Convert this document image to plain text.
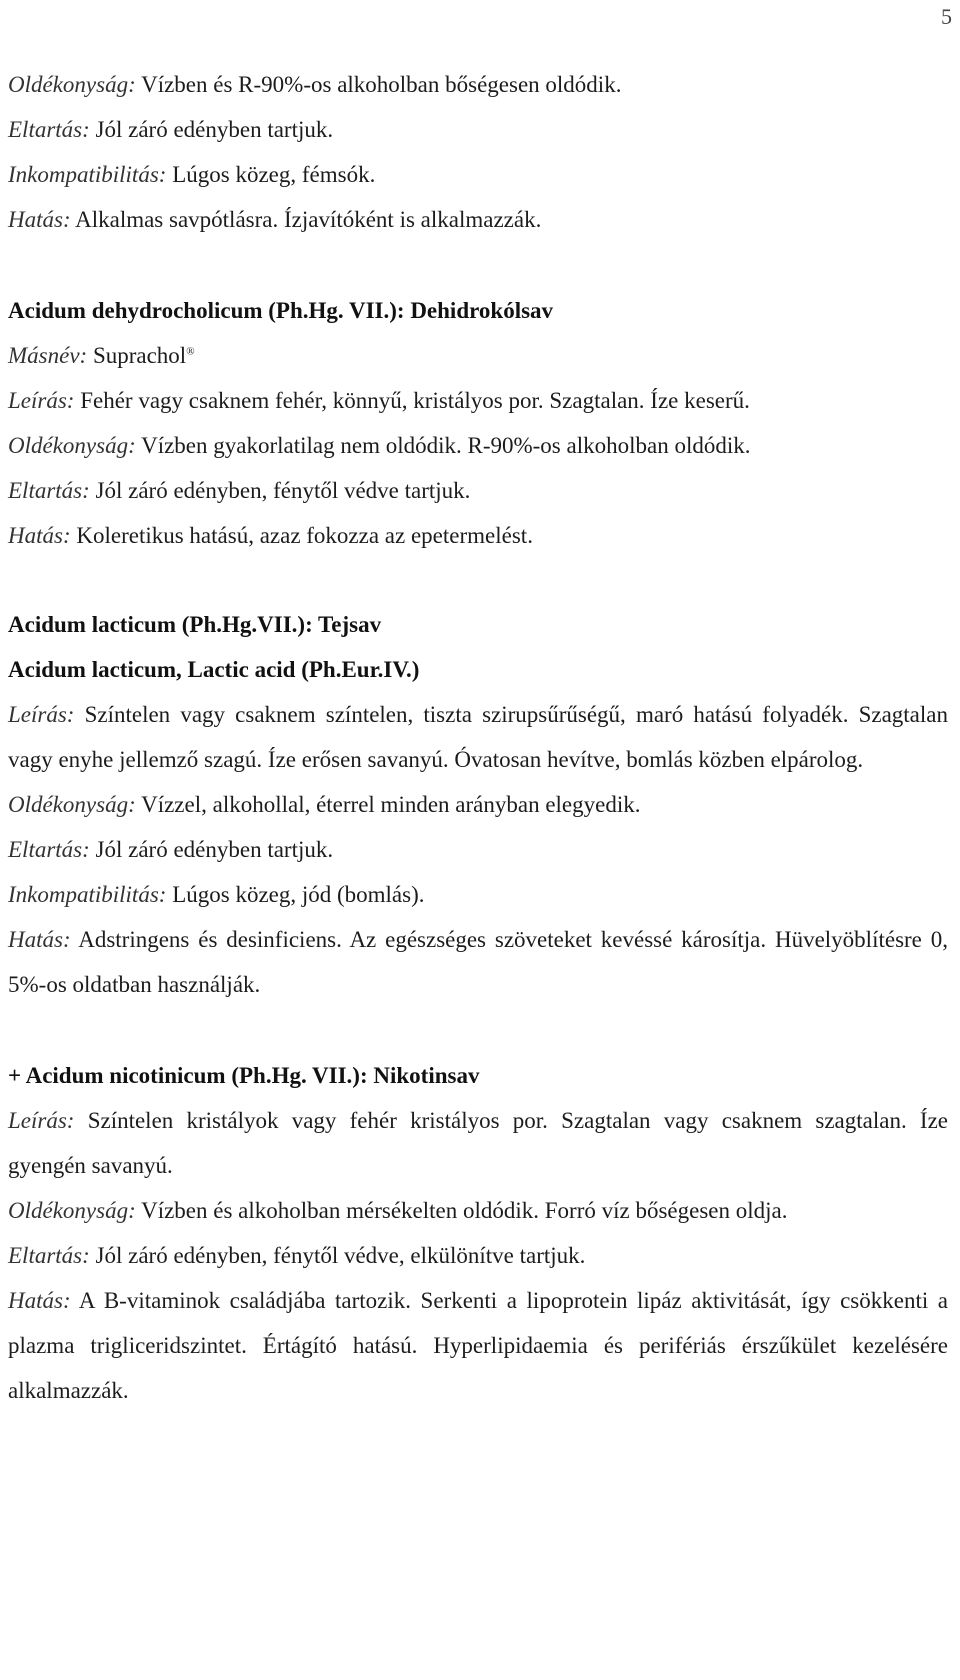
5

Oldékonyság: Vízben és R-90%-os alkoholban bőségesen oldódik.

Eltartás: Jól záró edényben tartjuk.

Inkompatibilitás: Lúgos közeg, fémsók.

Hatás: Alkalmas savpótlásra. Ízjavítóként is alkalmazzák.

Acidum dehydrocholicum (Ph.Hg. VII.): Dehidrokólsav

Másnév: Suprachol®

Leírás: Fehér vagy csaknem fehér, könnyű, kristályos por. Szagtalan. Íze keserű.

Oldékonyság: Vízben gyakorlatilag nem oldódik. R-90%-os alkoholban oldódik.

Eltartás: Jól záró edényben, fénytől védve tartjuk.

Hatás: Koleretikus hatású, azaz fokozza az epetermelést.

Acidum lacticum (Ph.Hg.VII.): Tejsav

Acidum lacticum, Lactic acid (Ph.Eur.IV.)

Leírás: Színtelen vagy csaknem színtelen, tiszta szirupsűrűségű, maró hatású folyadék. Szagtalan vagy enyhe jellemző szagú. Íze erősen savanyú. Óvatosan hevítve, bomlás közben elpárolog.

Oldékonyság: Vízzel, alkohollal, éterrel minden arányban elegyedik.

Eltartás: Jól záró edényben tartjuk.

Inkompatibilitás: Lúgos közeg, jód (bomlás).

Hatás: Adstringens és desinficiens. Az egészséges szöveteket kevéssé károsítja. Hüvelyöblítésre 0, 5%-os oldatban használják.

+ Acidum nicotinicum (Ph.Hg. VII.): Nikotinsav

Leírás: Színtelen kristályok vagy fehér kristályos por. Szagtalan vagy csaknem szagtalan. Íze gyengén savanyú.

Oldékonyság: Vízben és alkoholban mérsékelten oldódik. Forró víz bőségesen oldja.

Eltartás: Jól záró edényben, fénytől védve, elkülönítve tartjuk.

Hatás: A B-vitaminok családjába tartozik. Serkenti a lipoprotein lipáz aktivitását, így csökkenti a plazma trigliceridszintet. Értágító hatású. Hyperlipidaemia és perifériás érszűkület kezelésére alkalmazzák.
